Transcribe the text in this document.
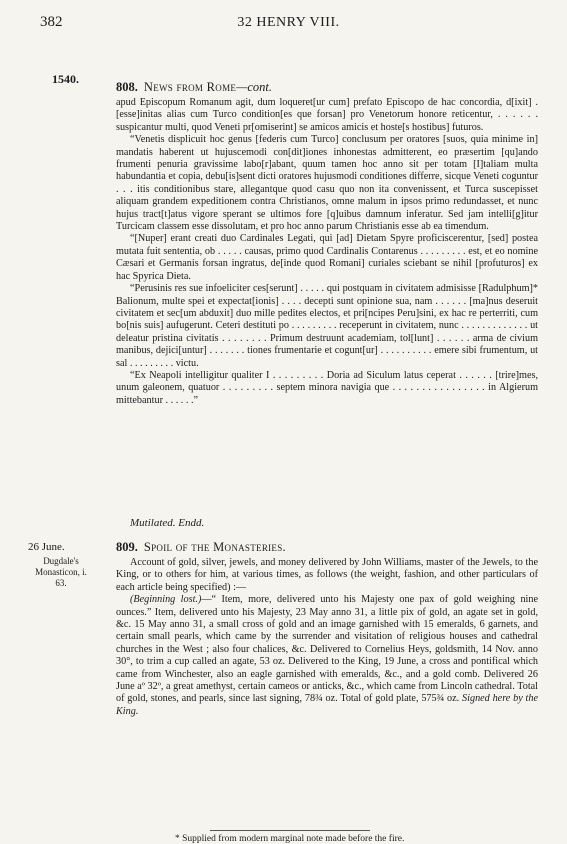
382	32 HENRY VIII.
1540.
808. News from Rome—cont.

apud Episcopum Romanum agit, dum loqueret[ur cum] prefato Episcopo de hac concordia, d[ixit] . [esse]initas alias cum Turco condition[es que forsan] pro Venetorum honore reticentur, . . . . . . suspicantur multi, quod Veneti pr[omiserint] se amicos amicis et hoste[s hostibus] futuros.

“Venetis displicuit hoc genus [federis cum Turco] conclusum per oratores [suos, quia minime in] mandatis haberent ut hujuscemodi con[dit]iones inhonestas admitterent, eo præsertim [qu]ando frumenti penuria gravissime labo[r]abant, quum tamen hoc anno sit per totam [I]taliam multa habundantia et copia, debu[is]sent dicti oratores hujusmodi conditiones differre, sicque Veneti coguntur . . . itis conditionibus stare, allegantque quod casu quo non ita convenissent, et Turca suscepisset aliquam grandem expeditionem contra Christianos, omne malum in ipsos primo redundasset, et nunc hujus tract[t]atus vigore sperant se ultimos fore [q]uibus damnum inferatur. Sed jam intelli[g]itur Turcicam classem esse dissolutam, et pro hoc anno parum Christianis esse ab ea timendum.

“[Nuper] erant creati duo Cardinales Legati, qui [ad] Dietam Spyre proficiscerentur, [sed] postea mutata fuit sententia, ob . . . . . causas, primo quod Cardinalis Contarenus . . . . . . . . . est, et eo nomine Cæsari et Germanis forsan ingratus, de[inde quod Romani] curiales sciebant se nihil [profuturos] ex hac Spyrica Dieta.

“Perusinis res sue infoeliciter ces[serunt] . . . . . qui postquam in civitatem admisisse [Radulphum]* Balionum, multe spei et expectat[ionis] . . . . decepti sunt opinione sua, nam . . . . . . [ma]nus deseruit civitatem et sec[um abduxit] duo mille pedites electos, et pri[ncipes Peru]sini, ex hac re perterriti, cum bo[nis suis] aufugerunt. Ceteri destituti po . . . . . . . . . receperunt in civitatem, nunc . . . . . . . . . . . . . ut deleatur pristina civitatis . . . . . . . . Primum destruunt academiam, tol[lunt] . . . . . . arma de civium manibus, dejici[untur] . . . . . . . tiones frumentarie et cogunt[ur] . . . . . . . . . . emere sibi frumentum, ut sal . . . . . . . . . victu.

“Ex Neapoli intelligitur qualiter I . . . . . . . . . Doria ad Siculum latus ceperat . . . . . . [trire]mes, unum galeonem, quatuor . . . . . . . . . septem minora navigia que . . . . . . . . . . . . . . . . in Algierum mittebantur . . . . . .”

Mutilated. Endd.
26 June.
Dugdale's Monasticon, i. 63.
809. Spoil of the Monasteries.

Account of gold, silver, jewels, and money delivered by John Williams, master of the Jewels, to the King, or to others for him, at various times, as follows (the weight, fashion, and other particulars of each article being specified) :—

(Beginning lost.)—“ Item, more, delivered unto his Majesty one pax of gold weighing nine ounces.” Item, delivered unto his Majesty, 23 May anno 31, a little pix of gold, an agate set in gold, &c. 15 May anno 31, a small cross of gold and an image garnished with 15 emeralds, 6 garnets, and certain small pearls, which came by the surrender and visitation of religious houses and cathedral churches in the West ; also four chalices, &c. Delivered to Cornelius Heys, goldsmith, 14 Nov. anno 30°, to trim a cup called an agate, 53 oz. Delivered to the King, 19 June, a cross and pontifical which came from Winchester, also an eagle garnished with emeralds, &c., and a gold comb. Delivered 26 June aº 32º, a great amethyst, certain cameos or anticks, &c., which came from Lincoln cathedral. Total of gold, stones, and pearls, since last signing, 78¾ oz. Total of gold plate, 575¾ oz. Signed here by the King.

* Supplied from modern marginal note made before the fire.
